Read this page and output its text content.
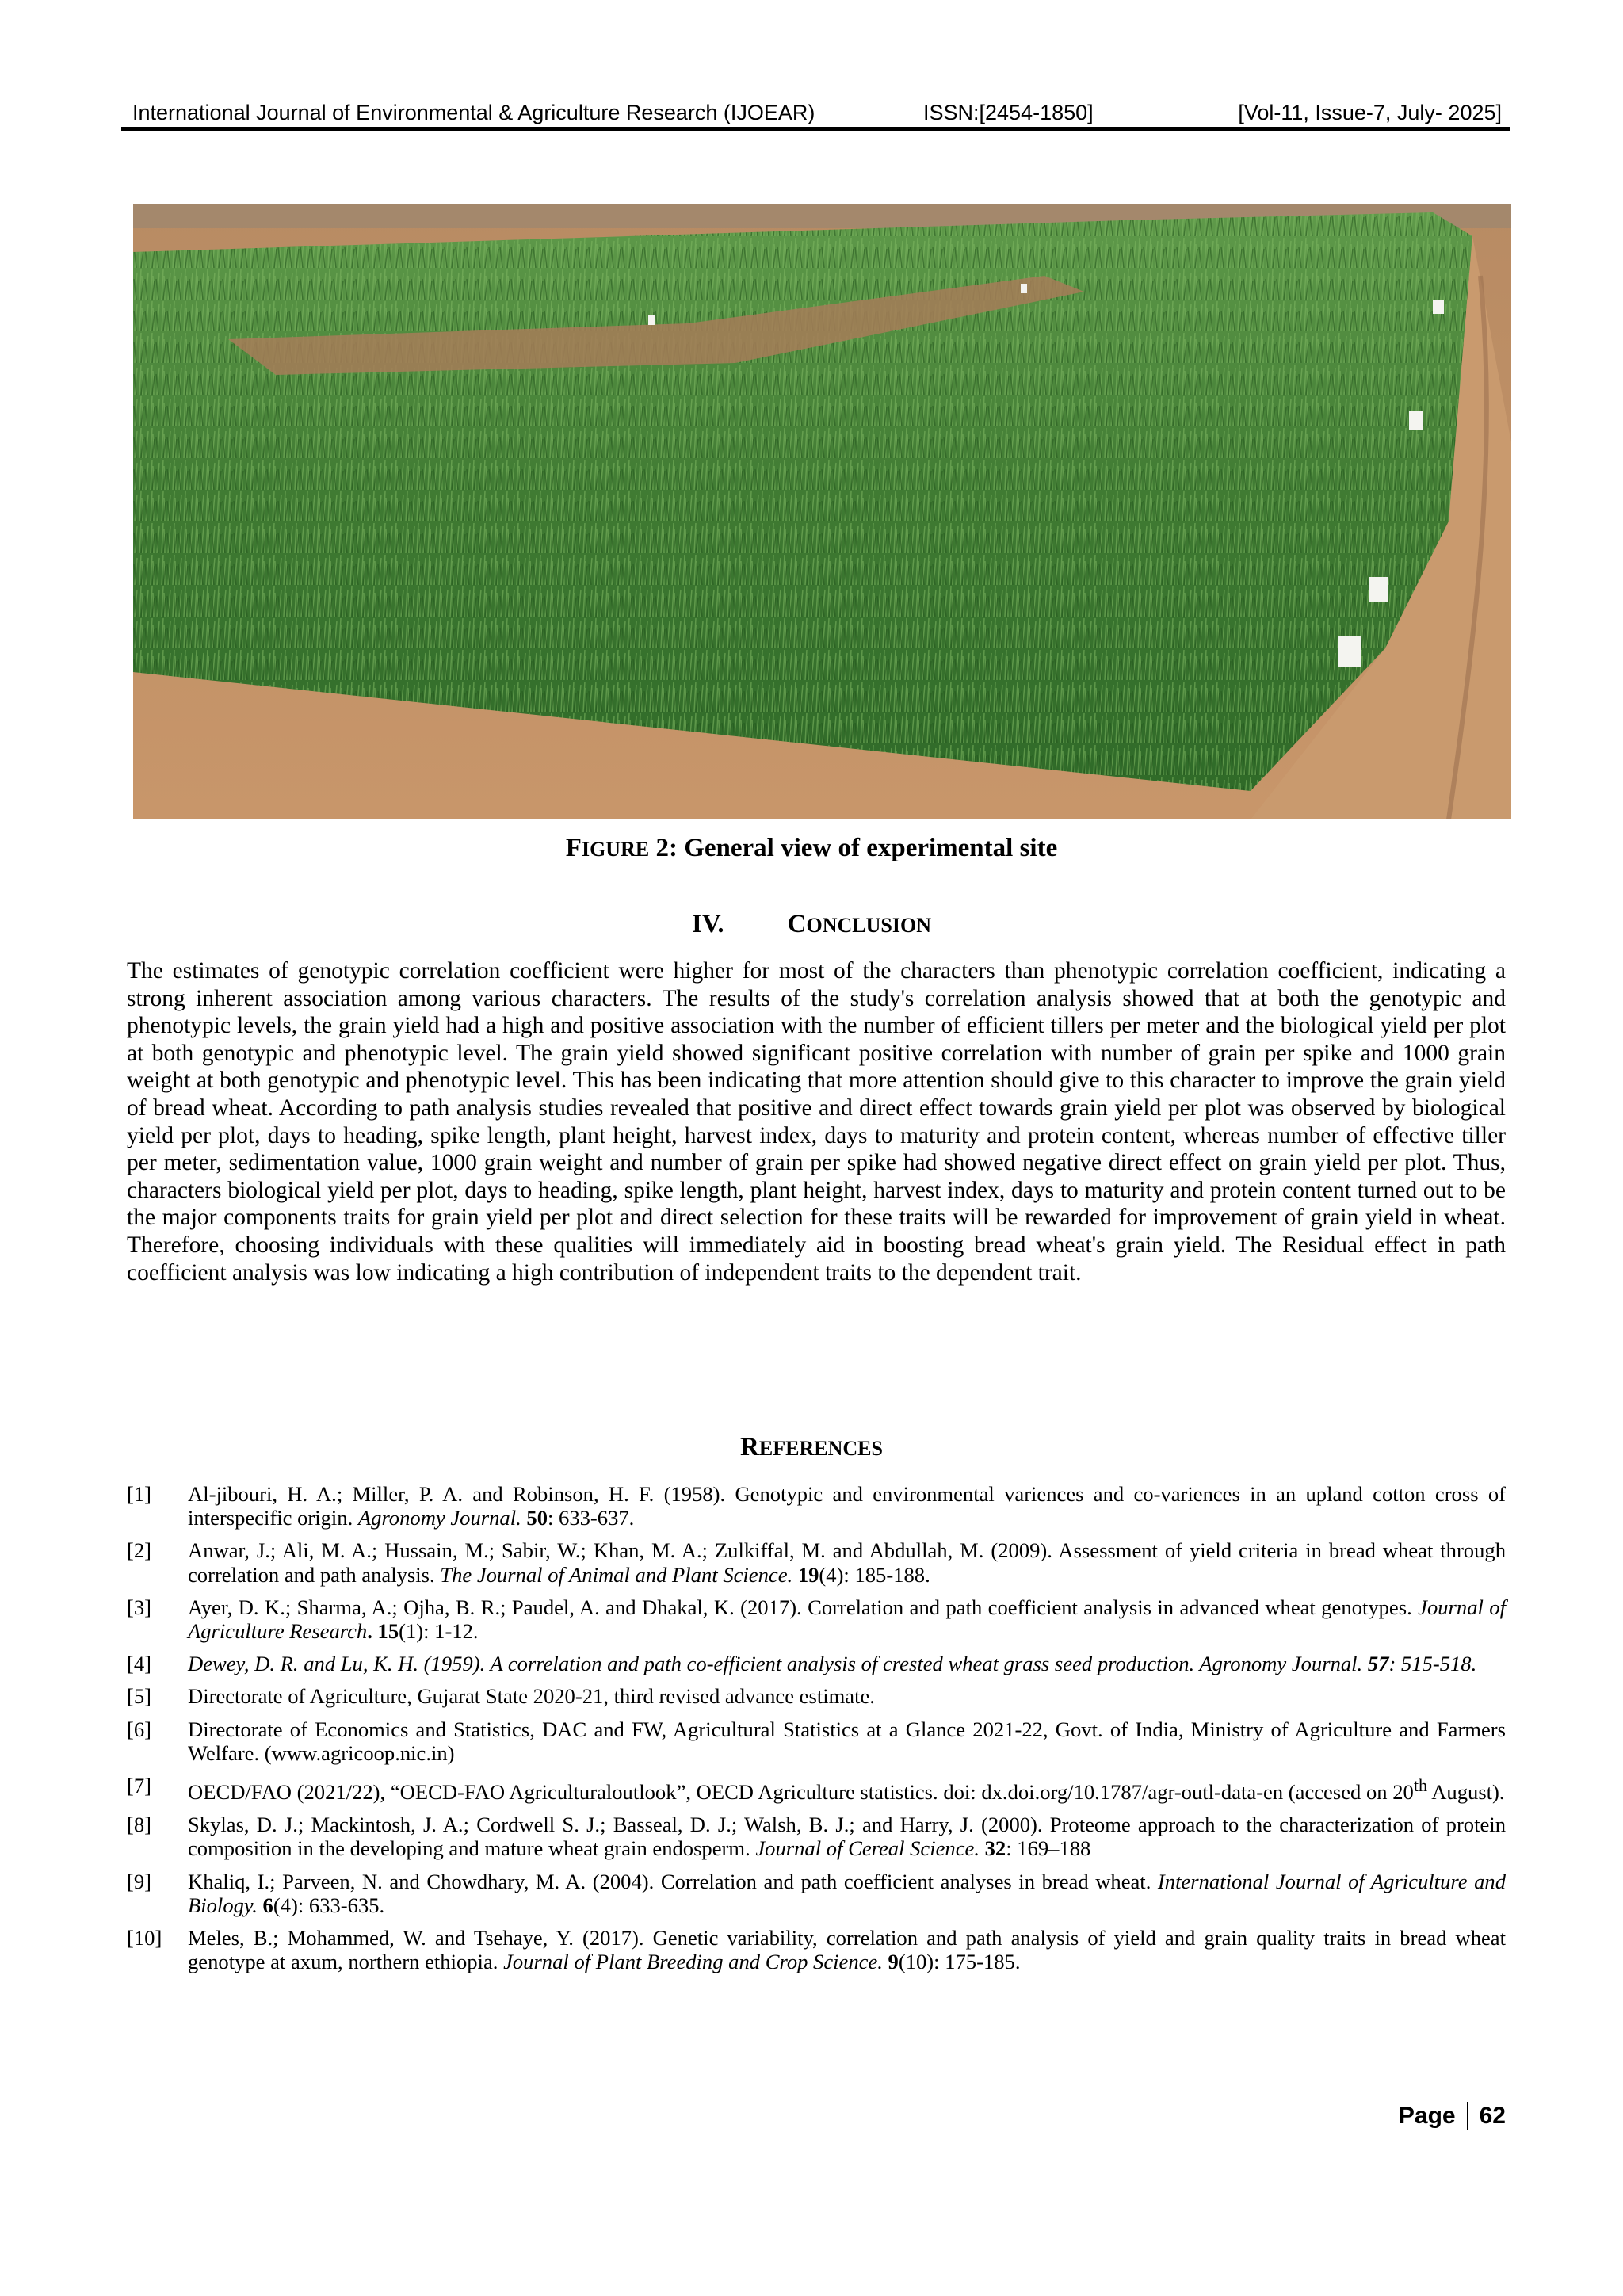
International Journal of Environmental & Agriculture Research (IJOEAR)	ISSN:[2454-1850]	[Vol-11, Issue-7, July- 2025]
FIGURE 2: General view of experimental site
IV. CONCLUSION
The estimates of genotypic correlation coefficient were higher for most of the characters than phenotypic correlation coefficient, indicating a strong inherent association among various characters. The results of the study's correlation analysis showed that at both the genotypic and phenotypic levels, the grain yield had a high and positive association with the number of efficient tillers per meter and the biological yield per plot at both genotypic and phenotypic level. The grain yield showed significant positive correlation with number of grain per spike and 1000 grain weight at both genotypic and phenotypic level. This has been indicating that more attention should give to this character to improve the grain yield of bread wheat. According to path analysis studies revealed that positive and direct effect towards grain yield per plot was observed by biological yield per plot, days to heading, spike length, plant height, harvest index, days to maturity and protein content, whereas number of effective tiller per meter, sedimentation value, 1000 grain weight and number of grain per spike had showed negative direct effect on grain yield per plot. Thus, characters biological yield per plot, days to heading, spike length, plant height, harvest index, days to maturity and protein content turned out to be the major components traits for grain yield per plot and direct selection for these traits will be rewarded for improvement of grain yield in wheat. Therefore, choosing individuals with these qualities will immediately aid in boosting bread wheat's grain yield. The Residual effect in path coefficient analysis was low indicating a high contribution of independent traits to the dependent trait.
REFERENCES
[1] Al-jibouri, H. A.; Miller, P. A. and Robinson, H. F. (1958). Genotypic and environmental variences and co-variences in an upland cotton cross of interspecific origin. Agronomy Journal. 50: 633-637.
[2] Anwar, J.; Ali, M. A.; Hussain, M.; Sabir, W.; Khan, M. A.; Zulkiffal, M. and Abdullah, M. (2009). Assessment of yield criteria in bread wheat through correlation and path analysis. The Journal of Animal and Plant Science. 19(4): 185-188.
[3] Ayer, D. K.; Sharma, A.; Ojha, B. R.; Paudel, A. and Dhakal, K. (2017). Correlation and path coefficient analysis in advanced wheat genotypes. Journal of Agriculture Research. 15(1): 1-12.
[4] Dewey, D. R. and Lu, K. H. (1959). A correlation and path co-efficient analysis of crested wheat grass seed production. Agronomy Journal. 57: 515-518.
[5] Directorate of Agriculture, Gujarat State 2020-21, third revised advance estimate.
[6] Directorate of Economics and Statistics, DAC and FW, Agricultural Statistics at a Glance 2021-22, Govt. of India, Ministry of Agriculture and Farmers Welfare. (www.agricoop.nic.in)
[7] OECD/FAO (2021/22), “OECD-FAO Agriculturaloutlook”, OECD Agriculture statistics. doi: dx.doi.org/10.1787/agr-outl-data-en (accesed on 20th August).
[8] Skylas, D. J.; Mackintosh, J. A.; Cordwell S. J.; Basseal, D. J.; Walsh, B. J.; and Harry, J. (2000). Proteome approach to the characterization of protein composition in the developing and mature wheat grain endosperm. Journal of Cereal Science. 32: 169–188
[9] Khaliq, I.; Parveen, N. and Chowdhary, M. A. (2004). Correlation and path coefficient analyses in bread wheat. International Journal of Agriculture and Biology. 6(4): 633-635.
[10] Meles, B.; Mohammed, W. and Tsehaye, Y. (2017). Genetic variability, correlation and path analysis of yield and grain quality traits in bread wheat genotype at axum, northern ethiopia. Journal of Plant Breeding and Crop Science. 9(10): 175-185.
Page 62
